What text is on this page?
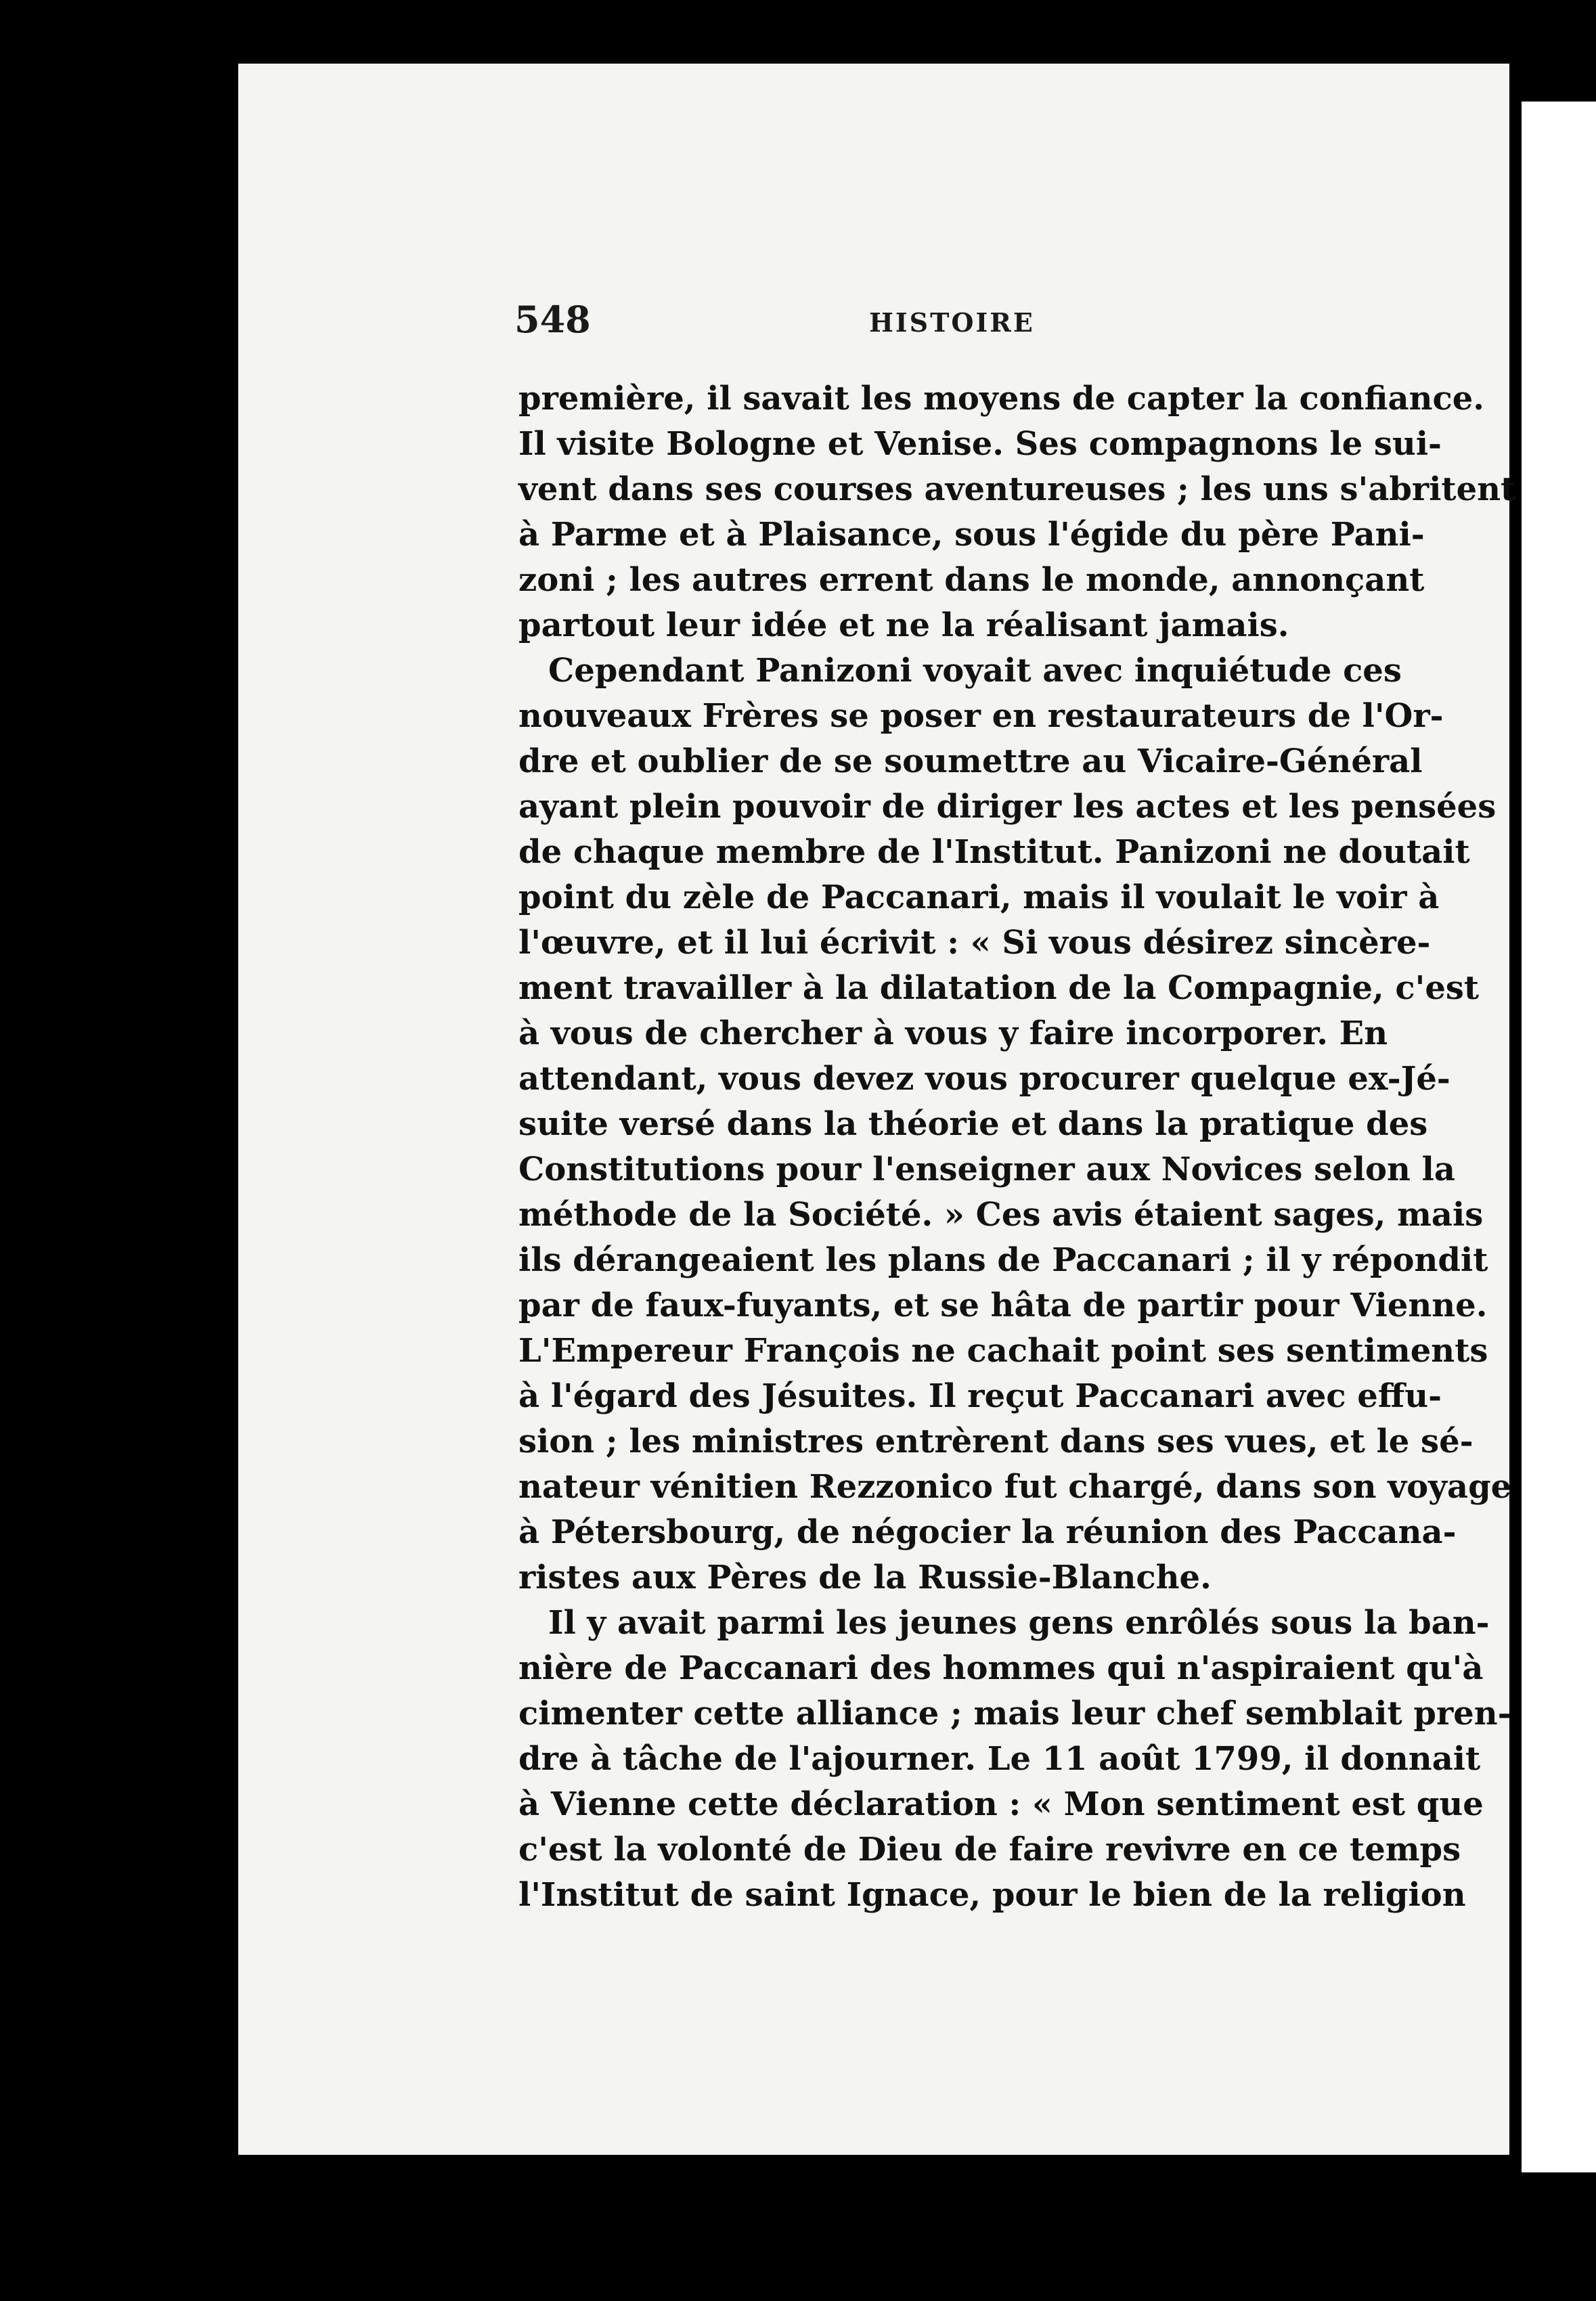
548	HISTOIRE
première, il savait les moyens de capter la confiance.
Il visite Bologne et Venise. Ses compagnons le sui-
vent dans ses courses aventureuses ; les uns s'abritent
à Parme et à Plaisance, sous l'égide du père Pani-
zoni ; les autres errent dans le monde, annonçant
partout leur idée et ne la réalisant jamais.
Cependant Panizoni voyait avec inquiétude ces
nouveaux Frères se poser en restaurateurs de l'Or-
dre et oublier de se soumettre au Vicaire-Général
ayant plein pouvoir de diriger les actes et les pensées
de chaque membre de l'Institut. Panizoni ne doutait
point du zèle de Paccanari, mais il voulait le voir à
l'œuvre, et il lui écrivit : « Si vous désirez sincère-
ment travailler à la dilatation de la Compagnie, c'est
à vous de chercher à vous y faire incorporer. En
attendant, vous devez vous procurer quelque ex-Jé-
suite versé dans la théorie et dans la pratique des
Constitutions pour l'enseigner aux Novices selon la
méthode de la Société. » Ces avis étaient sages, mais
ils dérangeaient les plans de Paccanari ; il y répondit
par de faux-fuyants, et se hâta de partir pour Vienne.
L'Empereur François ne cachait point ses sentiments
à l'égard des Jésuites. Il reçut Paccanari avec effu-
sion ; les ministres entrèrent dans ses vues, et le sé-
nateur vénitien Rezzonico fut chargé, dans son voyage
à Pétersbourg, de négocier la réunion des Paccana-
ristes aux Pères de la Russie-Blanche.
Il y avait parmi les jeunes gens enrôlés sous la ban-
nière de Paccanari des hommes qui n'aspiraient qu'à
cimenter cette alliance ; mais leur chef semblait pren-
dre à tâche de l'ajourner. Le 11 août 1799, il donnait
à Vienne cette déclaration : « Mon sentiment est que
c'est la volonté de Dieu de faire revivre en ce temps
l'Institut de saint Ignace, pour le bien de la religion
